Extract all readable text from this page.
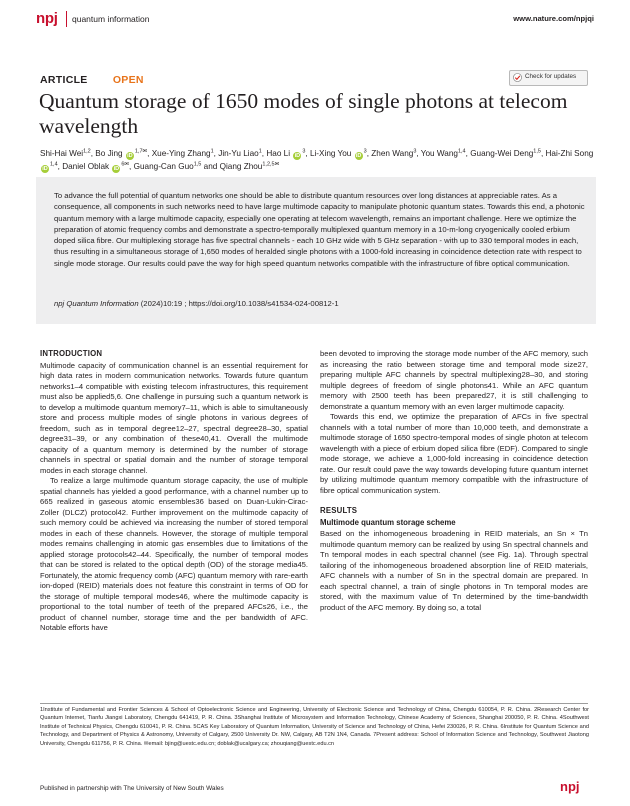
npj quantum information	www.nature.com/npjqi
ARTICLE OPEN	Check for updates
Quantum storage of 1650 modes of single photons at telecom wavelength
Shi-Hai Wei$^{1,2}$, Bo Jing $iD^{1,7✉}$, Xue-Ying Zhang$^1$, Jin-Yu Liao$^1$, Hao Li $iD^3$, Li-Xing You $iD^3$, Zhen Wang$^3$, You Wang$^{1,4}$, Guang-Wei Deng$^{1,5}$, Hai-Zhi Song iD$^{1,4}$, Daniel Oblak $iD^{6✉}$, Guang-Can Guo$^{1,5}$ and Qiang Zhou$^{1,2,5✉}$
To advance the full potential of quantum networks one should be able to distribute quantum resources over long distances at appreciable rates. As a consequence, all components in such networks need to have large multimode capacity to manipulate photonic quantum states. Towards this end, a photonic quantum memory with a large multimode capacity, especially one operating at telecom wavelength, remains an important challenge. Here we optimize the preparation of atomic frequency combs and demonstrate a spectro-temporally multiplexed quantum memory in a 10-m-long cryogenically cooled erbium doped silica fibre. Our multiplexing storage has five spectral channels - each 10 GHz wide with 5 GHz separation - with up to 330 temporal modes in each, thus resulting in a simultaneous storage of 1,650 modes of heralded single photons with a 1000-fold increasing in coincidence detection rate with respect to single mode storage. Our results could pave the way for high speed quantum networks compatible with the infrastructure of fibre optical communication.
npj Quantum Information (2024)10:19 ; https://doi.org/10.1038/s41534-024-00812-1
INTRODUCTION

Multimode capacity of communication channel is an essential requirement for high data rates in modern communication networks. Towards future quantum networks1–4 compatible with existing telecom infrastructures, this requirement must also be applied5,6. One challenge in pursuing such a quantum network is to develop a multimode quantum memory7–11, which is able to simultaneously store and process multiple modes of single photons in various degrees of freedom, such as in temporal degree12–27, spectral degree28–30, spatial degree31–39, or any combination of these40,41. Overall the multimode capacity of a quantum memory is determined by the number of storage channels in spectral or spatial domain and the number of storage temporal modes in each storage channel.

To realize a large multimode quantum storage capacity, the use of multiple spatial channels has yielded a good performance, with a channel number up to 665 realized in gaseous atomic ensembles36 based on Duan-Lukin-Cirac-Zoller (DLCZ) protocol42. Further improvement on the multimode capacity of such memory could be achieved via increasing the number of stored temporal modes in each of these channels. However, the storage of multiple temporal modes remains challenging in atomic gas ensembles due to limitations of the applied storage protocols42–44. Specifically, the number of temporal modes that can be stored is related to the optical depth (OD) of the storage media45. Fortunately, the atomic frequency comb (AFC) quantum memory with rare-earth ion-doped (REID) materials does not feature this constraint in terms of OD for the storage of multiple temporal modes46, where the multimode capacity is proportional to the total number of teeth of the prepared AFCs26, i.e., the product of channel number, storage time and the per bandwidth of AFC. Notable efforts have

been devoted to improving the storage mode number of the AFC memory, such as increasing the ratio between storage time and temporal mode size27, preparing multiple AFC channels by spectral multiplexing28–30, and storing multiple degrees of freedom of single photons41. While an AFC quantum memory with 2500 teeth has been prepared27, it is still challenging to demonstrate a quantum memory with an even larger multimode capacity.

Towards this end, we optimize the preparation of AFCs in five spectral channels with a total number of more than 10,000 teeth, and demonstrate a multimode storage of 1650 spectro-temporal modes of single photon at telecom wavelength with a piece of erbium doped silica fibre (EDF). Compared to single mode storage, we achieve a 1,000-fold increasing in coincidence detection rate. Our result could pave the way towards developing future quantum internet by utilizing multimode quantum memory compatible with the infrastructure of fibre optical communication system.

RESULTS
Multimode quantum storage scheme

Based on the inhomogeneous broadening in REID materials, an Sn × Tn multimode quantum memory can be realized by using Sn spectral channels and Tn temporal modes in each spectral channel (see Fig. 1a). Through spectral tailoring of the inhomogeneous broadened absorption line of REID materials, AFC channels with a number of Sn in the spectral domain are prepared. In each spectral channel, a train of single photons in Tn temporal modes are stored, with the maximum value of Tn determined by the time-bandwidth product of the AFC memory. By doing so, a total

1Institute of Fundamental and Frontier Sciences & School of Optoelectronic Science and Engineering, University of Electronic Science and Technology of China, Chengdu 610054, P. R. China. 2Research Center for Quantum Internet, Tianfu Jiangxi Laboratory, Chengdu 641419, P. R. China. 3Shanghai Institute of Microsystem and Information Technology, Chinese Academy of Sciences, Shanghai 200050, P. R. China. 4Southwest Institute of Technical Physics, Chengdu 610041, P. R. China. 5CAS Key Laboratory of Quantum Information, University of Science and Technology of China, Hefei 230026, P. R. China. 6Institute for Quantum Science and Technology, and Department of Physics & Astronomy, University of Calgary, 2500 University Dr. NW, Calgary, AB T2N 1N4, Canada. 7Present address: School of Information Science and Technology, Southwest Jiaotong University, Chengdu 611756, P. R. China. ✉email: bjing@uestc.edu.cn; doblak@ucalgary.ca; zhouqiang@uestc.edu.cn
Published in partnership with The University of New South Wales	npj
